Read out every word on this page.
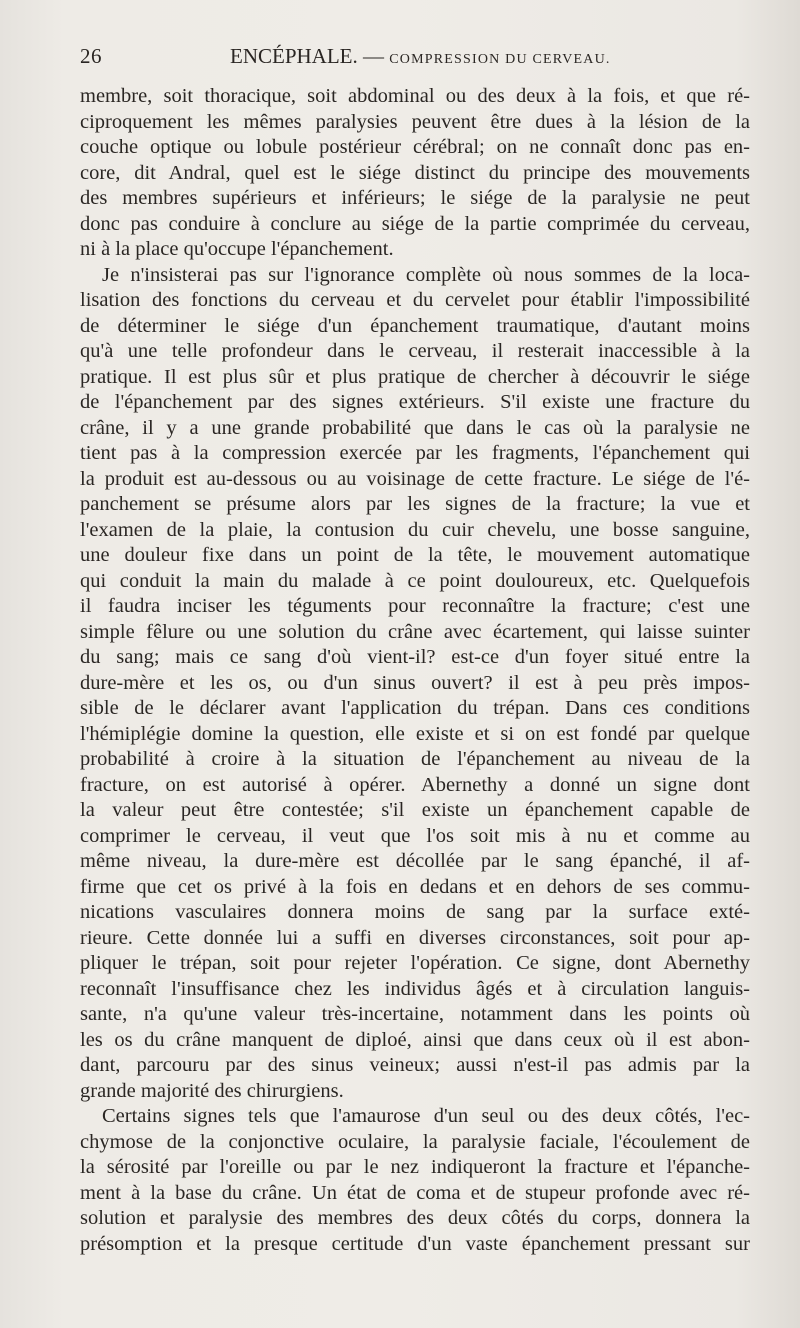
26	ENCÉPHALE. — COMPRESSION DU CERVEAU.
membre, soit thoracique, soit abdominal ou des deux à la fois, et que ré-
ciproquement les mêmes paralysies peuvent être dues à la lésion de la
couche optique ou lobule postérieur cérébral; on ne connaît donc pas en-
core, dit Andral, quel est le siége distinct du principe des mouvements
des membres supérieurs et inférieurs; le siége de la paralysie ne peut
donc pas conduire à conclure au siége de la partie comprimée du cerveau,
ni à la place qu'occupe l'épanchement.
Je n'insisterai pas sur l'ignorance complète où nous sommes de la loca-
lisation des fonctions du cerveau et du cervelet pour établir l'impossibilité
de déterminer le siége d'un épanchement traumatique, d'autant moins
qu'à une telle profondeur dans le cerveau, il resterait inaccessible à la
pratique. Il est plus sûr et plus pratique de chercher à découvrir le siége
de l'épanchement par des signes extérieurs. S'il existe une fracture du
crâne, il y a une grande probabilité que dans le cas où la paralysie ne
tient pas à la compression exercée par les fragments, l'épanchement qui
la produit est au-dessous ou au voisinage de cette fracture. Le siége de l'é-
panchement se présume alors par les signes de la fracture; la vue et
l'examen de la plaie, la contusion du cuir chevelu, une bosse sanguine,
une douleur fixe dans un point de la tête, le mouvement automatique
qui conduit la main du malade à ce point douloureux, etc. Quelquefois
il faudra inciser les téguments pour reconnaître la fracture; c'est une
simple fêlure ou une solution du crâne avec écartement, qui laisse suinter
du sang; mais ce sang d'où vient-il? est-ce d'un foyer situé entre la
dure-mère et les os, ou d'un sinus ouvert? il est à peu près impos-
sible de le déclarer avant l'application du trépan. Dans ces conditions
l'hémiplégie domine la question, elle existe et si on est fondé par quelque
probabilité à croire à la situation de l'épanchement au niveau de la
fracture, on est autorisé à opérer. Abernethy a donné un signe dont
la valeur peut être contestée; s'il existe un épanchement capable de
comprimer le cerveau, il veut que l'os soit mis à nu et comme au
même niveau, la dure-mère est décollée par le sang épanché, il af-
firme que cet os privé à la fois en dedans et en dehors de ses commu-
nications vasculaires donnera moins de sang par la surface exté-
rieure. Cette donnée lui a suffi en diverses circonstances, soit pour ap-
pliquer le trépan, soit pour rejeter l'opération. Ce signe, dont Abernethy
reconnaît l'insuffisance chez les individus âgés et à circulation languis-
sante, n'a qu'une valeur très-incertaine, notamment dans les points où
les os du crâne manquent de diploé, ainsi que dans ceux où il est abon-
dant, parcouru par des sinus veineux; aussi n'est-il pas admis par la
grande majorité des chirurgiens.
Certains signes tels que l'amaurose d'un seul ou des deux côtés, l'ec-
chymose de la conjonctive oculaire, la paralysie faciale, l'écoulement de
la sérosité par l'oreille ou par le nez indiqueront la fracture et l'épanche-
ment à la base du crâne. Un état de coma et de stupeur profonde avec ré-
solution et paralysie des membres des deux côtés du corps, donnera la
présomption et la presque certitude d'un vaste épanchement pressant sur
